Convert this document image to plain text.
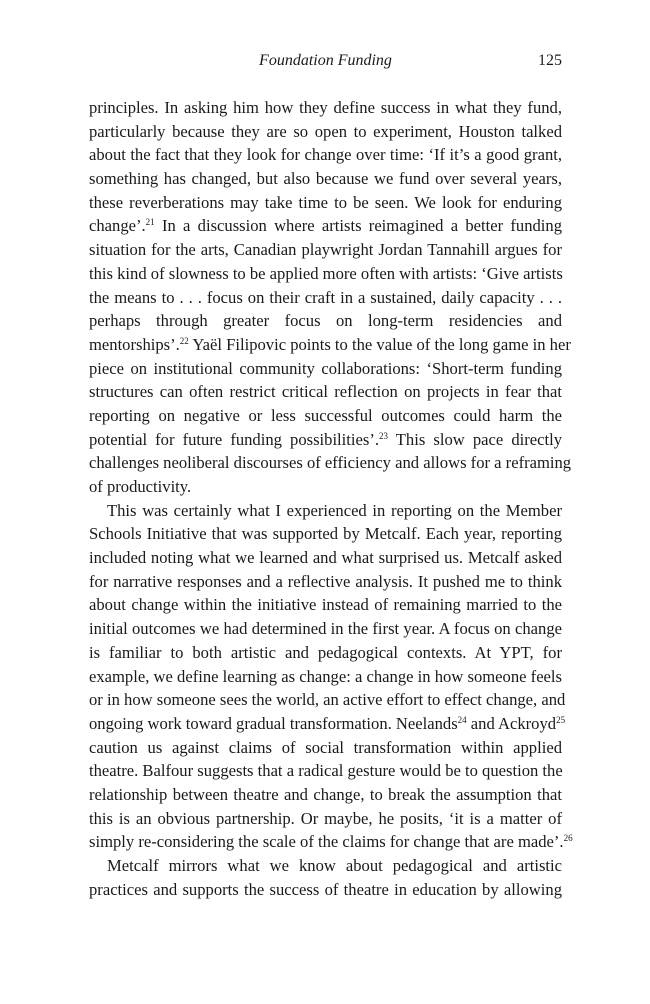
Foundation Funding	125
principles. In asking him how they define success in what they fund,
particularly because they are so open to experiment, Houston talked
about the fact that they look for change over time: ‘If it’s a good grant,
something has changed, but also because we fund over several years,
these reverberations may take time to be seen. We look for enduring
change’.$^{21}$ In a discussion where artists reimagined a better funding
situation for the arts, Canadian playwright Jordan Tannahill argues for
this kind of slowness to be applied more often with artists: ‘Give artists
the means to . . . focus on their craft in a sustained, daily capacity . . .
perhaps through greater focus on long-term residencies and
mentorships’.$^{22}$ Yaël Filipovic points to the value of the long game in her
piece on institutional community collaborations: ‘Short-term funding
structures can often restrict critical reflection on projects in fear that
reporting on negative or less successful outcomes could harm the
potential for future funding possibilities’.$^{23}$ This slow pace directly
challenges neoliberal discourses of efficiency and allows for a reframing
of productivity.
This was certainly what I experienced in reporting on the Member
Schools Initiative that was supported by Metcalf. Each year, reporting
included noting what we learned and what surprised us. Metcalf asked
for narrative responses and a reflective analysis. It pushed me to think
about change within the initiative instead of remaining married to the
initial outcomes we had determined in the first year. A focus on change
is familiar to both artistic and pedagogical contexts. At YPT, for
example, we define learning as change: a change in how someone feels
or in how someone sees the world, an active effort to effect change, and
ongoing work toward gradual transformation. Neelands$^{24}$ and Ackroyd$^{25}$
caution us against claims of social transformation within applied
theatre. Balfour suggests that a radical gesture would be to question the
relationship between theatre and change, to break the assumption that
this is an obvious partnership. Or maybe, he posits, ‘it is a matter of
simply re-considering the scale of the claims for change that are made’.$^{26}$
Metcalf mirrors what we know about pedagogical and artistic
practices and supports the success of theatre in education by allowing
